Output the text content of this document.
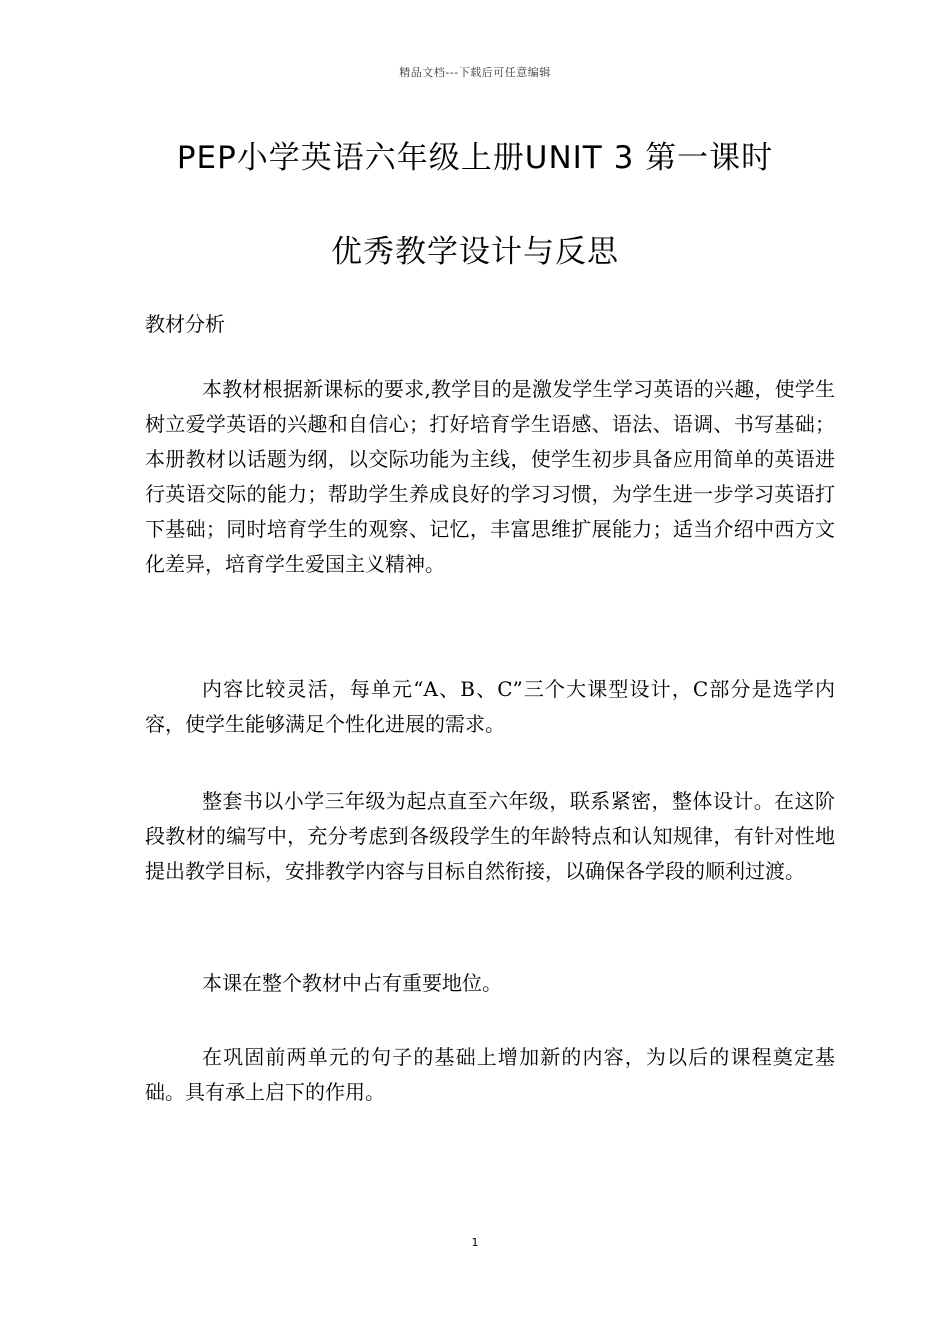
精品文档---下载后可任意编辑
PEP小学英语六年级上册UNIT 3 第一课时
优秀教学设计与反思
教材分析

本教材根据新课标的要求,教学目的是激发学生学习英语的兴趣，使学生树立爱学英语的兴趣和自信心；打好培育学生语感、语法、语调、书写基础；本册教材以话题为纲，以交际功能为主线，使学生初步具备应用简单的英语进行英语交际的能力；帮助学生养成良好的学习习惯，为学生进一步学习英语打下基础；同时培育学生的观察、记忆，丰富思维扩展能力；适当介绍中西方文化差异，培育学生爱国主义精神。

内容比较灵活，每单元“A、B、C”三个大课型设计，C部分是选学内容，使学生能够满足个性化进展的需求。

整套书以小学三年级为起点直至六年级，联系紧密，整体设计。在这阶段教材的编写中，充分考虑到各级段学生的年龄特点和认知规律，有针对性地提出教学目标，安排教学内容与目标自然衔接，以确保各学段的顺利过渡。

本课在整个教材中占有重要地位。

在巩固前两单元的句子的基础上增加新的内容，为以后的课程奠定基础。具有承上启下的作用。

1
